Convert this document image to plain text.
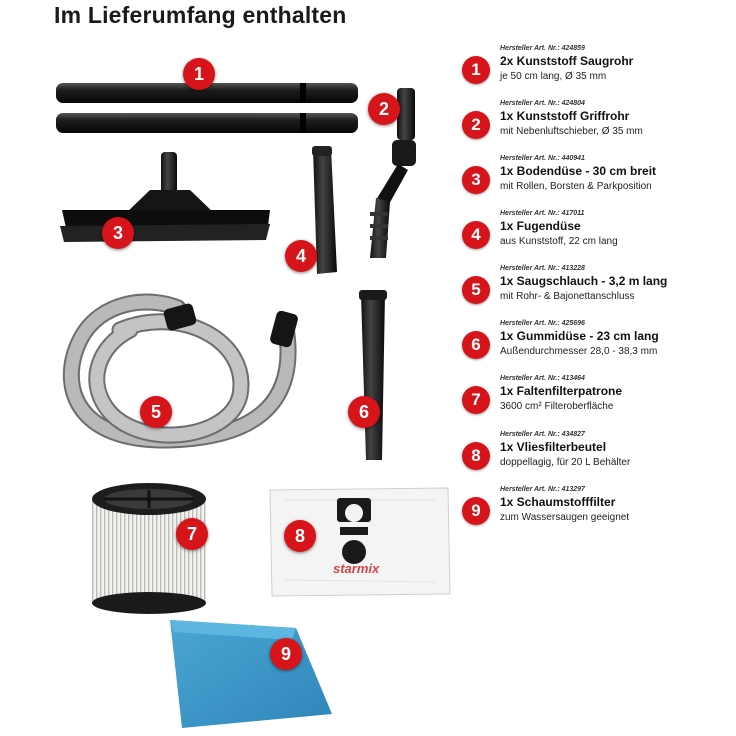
Im Lieferumfang enthalten
1
2
3
4
5	6
7	8
9
starmix
1
Hersteller Art. Nr.: 424859
2x Kunststoff Saugrohr
je 50 cm lang, Ø 35 mm
2
Hersteller Art. Nr.: 424804
1x Kunststoff Griffrohr
mit Nebenluftschieber, Ø 35 mm
3
Hersteller Art. Nr.: 440941
1x Bodendüse - 30 cm breit
mit Rollen, Borsten & Parkposition
4
Hersteller Art. Nr.: 417011
1x Fugendüse
aus Kunststoff, 22 cm lang
5
Hersteller Art. Nr.: 413228
1x Saugschlauch - 3,2 m lang
mit Rohr- & Bajonettanschluss
6
Hersteller Art. Nr.: 425696
1x Gummidüse - 23 cm lang
Außendurchmesser 28,0 - 38,3 mm
7
Hersteller Art. Nr.: 413464
1x Faltenfilterpatrone
3600 cm² Filteroberfläche
8
Hersteller Art. Nr.: 434827
1x Vliesfilterbeutel
doppellagig, für 20 L Behälter
9
Hersteller Art. Nr.: 413297
1x Schaumstofffilter
zum Wassersaugen geeignet
